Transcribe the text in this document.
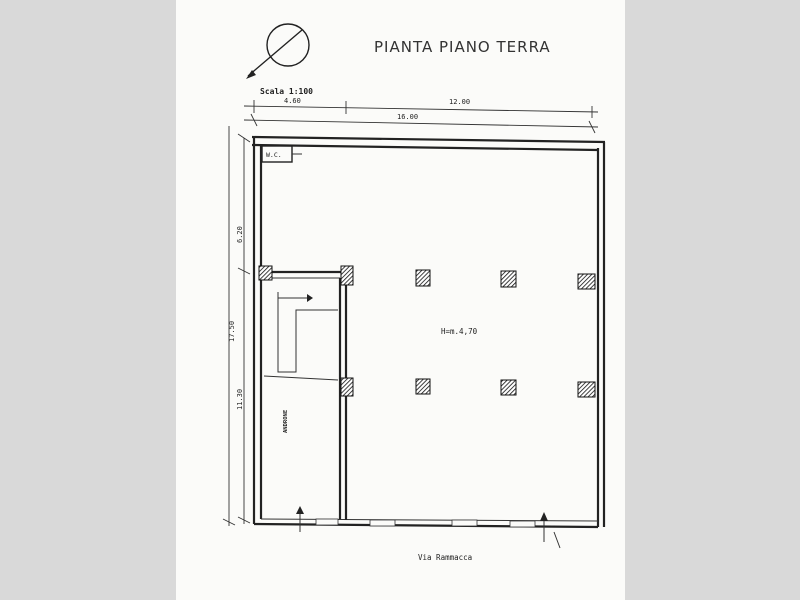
PIANTA PIANO TERRA
Scala 1:100
4.60	12.00
16.00
6.20
11.30
17.50
W.C.
ANDRONE
H=m.4,70
Via Rammacca
